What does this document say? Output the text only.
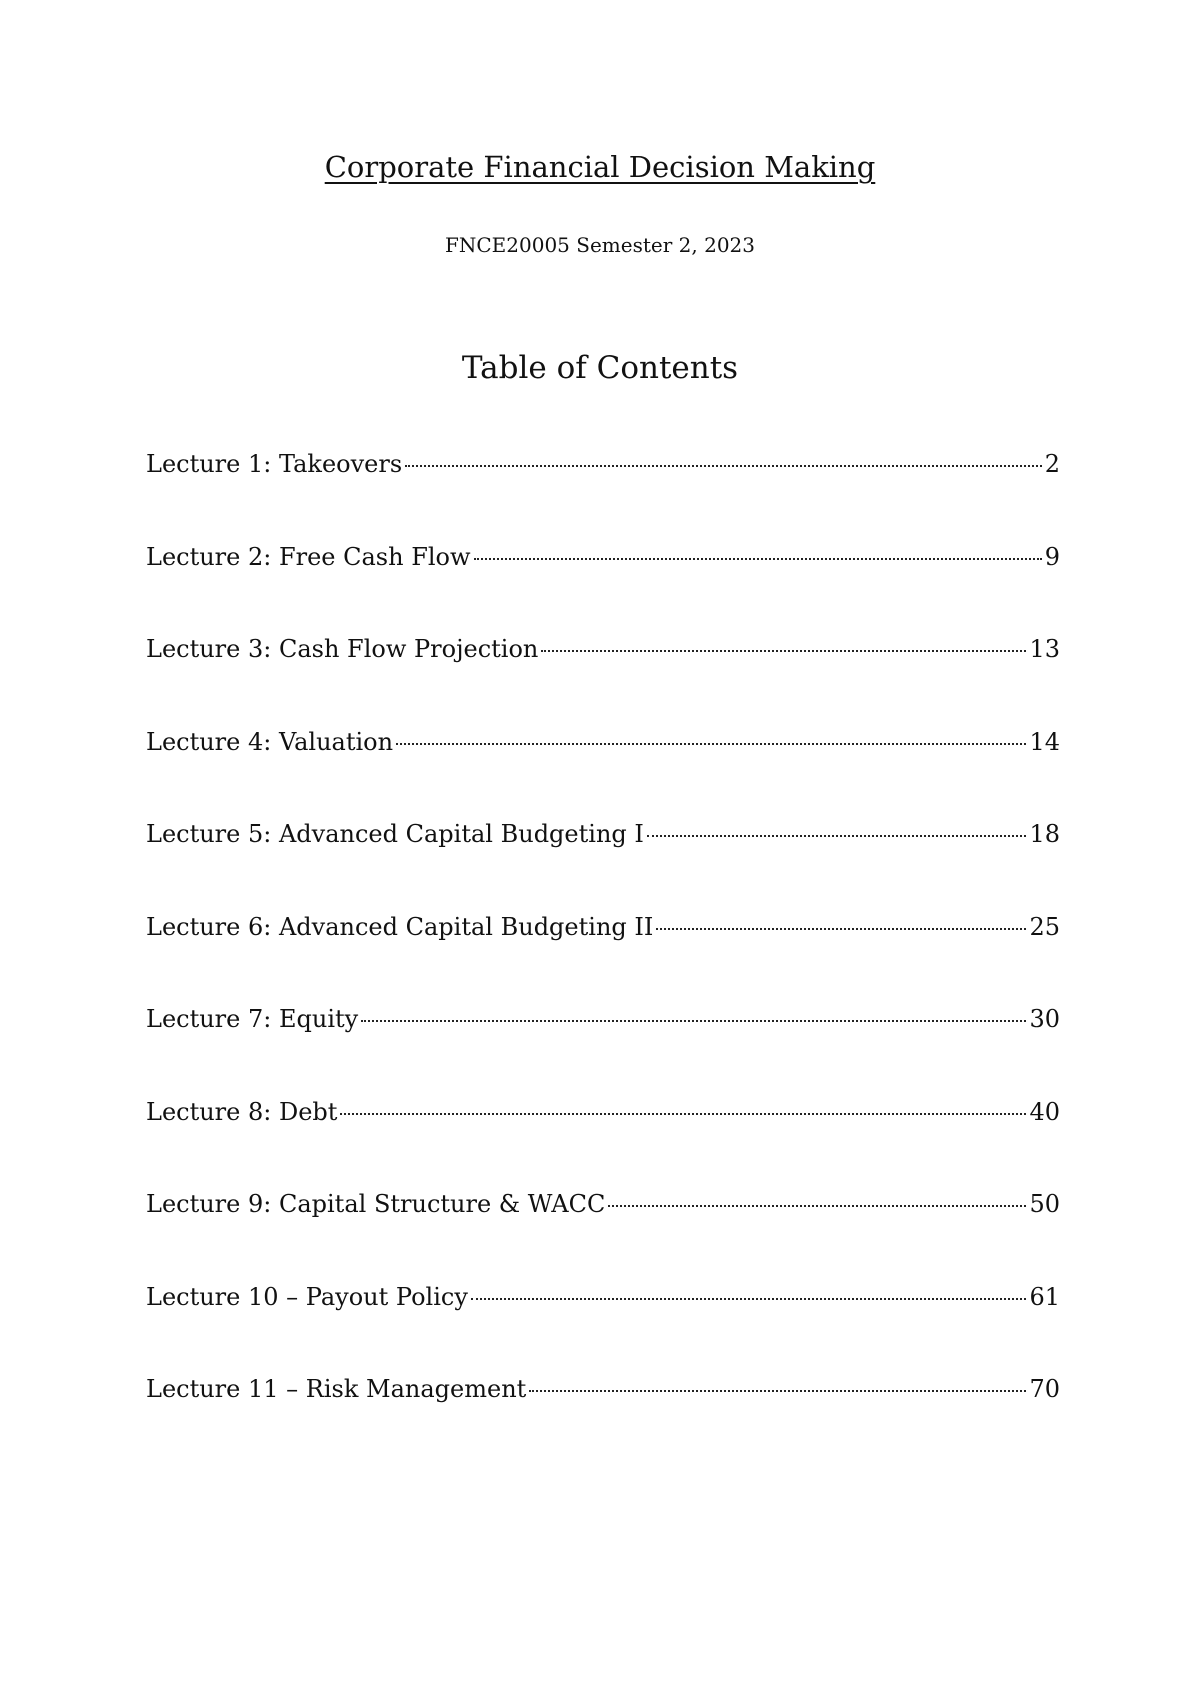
Corporate Financial Decision Making
FNCE20005 Semester 2, 2023
Table of Contents
Lecture 1: Takeovers	2
Lecture 2: Free Cash Flow	9
Lecture 3: Cash Flow Projection	13
Lecture 4: Valuation	14
Lecture 5: Advanced Capital Budgeting I	18
Lecture 6: Advanced Capital Budgeting II	25
Lecture 7: Equity	30
Lecture 8: Debt	40
Lecture 9: Capital Structure & WACC	50
Lecture 10 – Payout Policy	61
Lecture 11 – Risk Management	70
